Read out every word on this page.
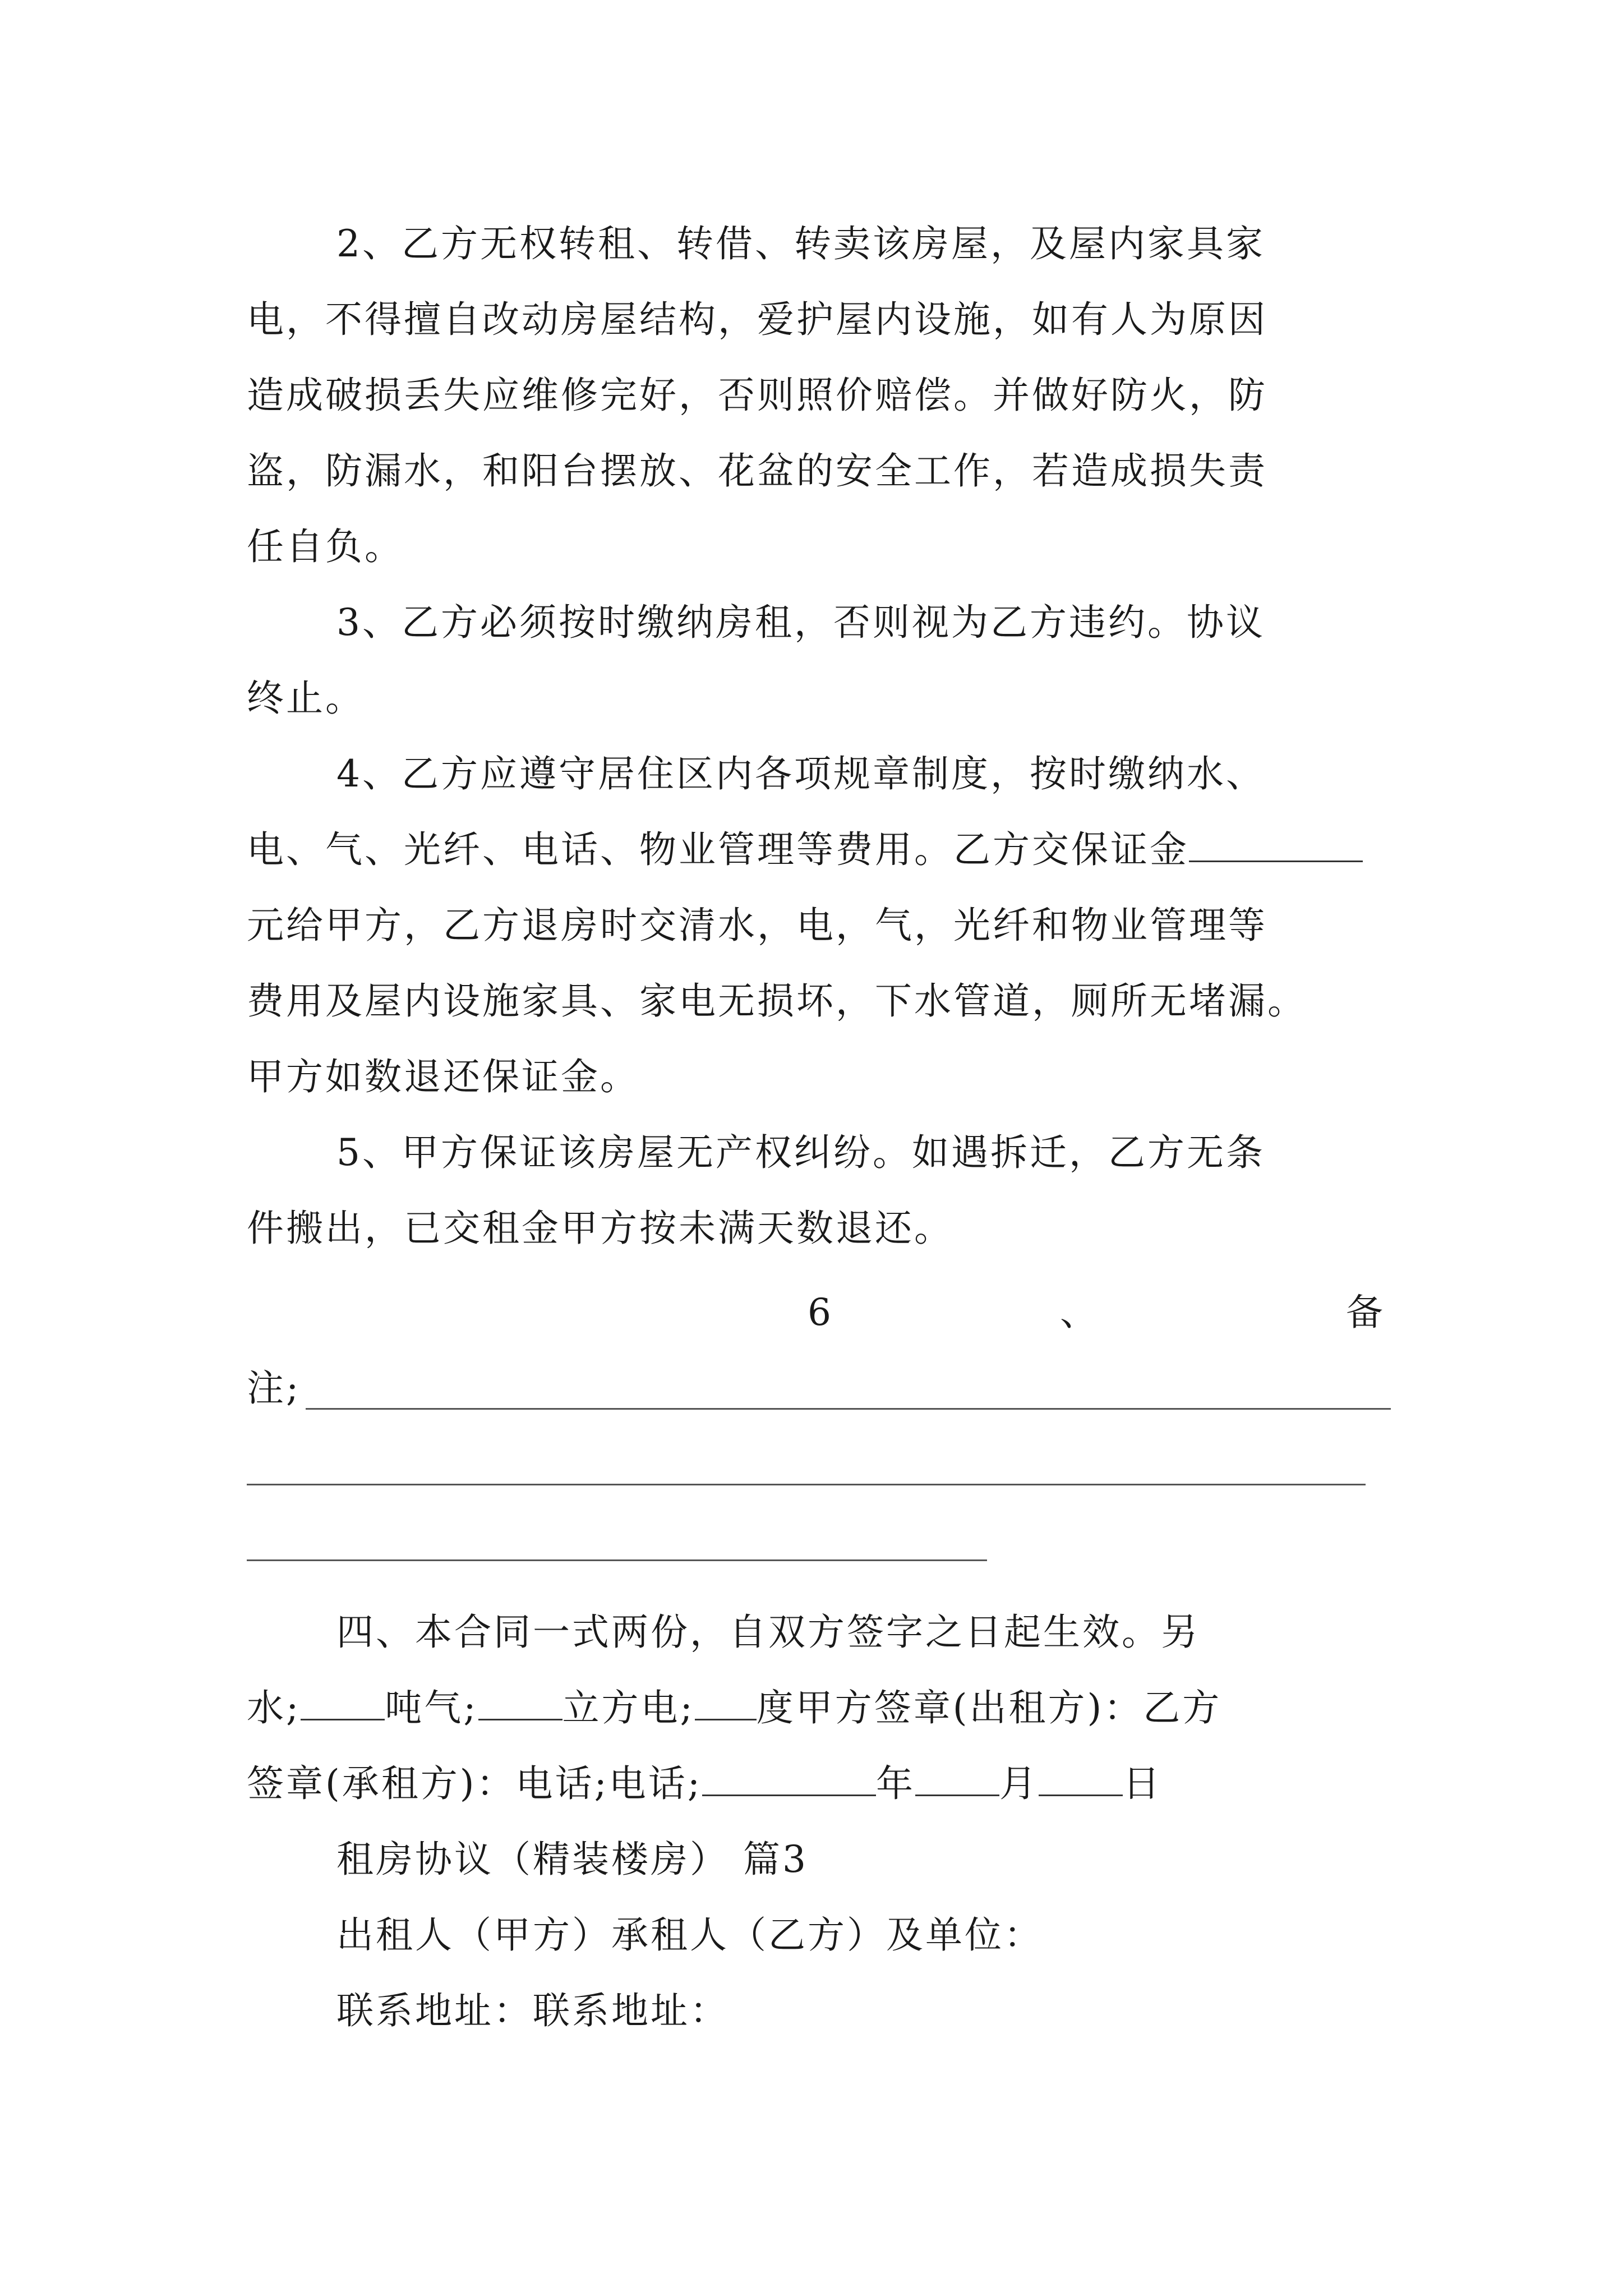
2、乙方无权转租、转借、转卖该房屋，及屋内家具家
电，不得擅自改动房屋结构，爱护屋内设施，如有人为原因
造成破损丢失应维修完好，否则照价赔偿。并做好防火，防
盗，防漏水，和阳台摆放、花盆的安全工作，若造成损失责
任自负。
3、乙方必须按时缴纳房租，否则视为乙方违约。协议
终止。
4、乙方应遵守居住区内各项规章制度，按时缴纳水、
电、气、光纤、电话、物业管理等费用。乙方交保证金
元给甲方，乙方退房时交清水，电，气，光纤和物业管理等
费用及屋内设施家具、家电无损坏，下水管道，厕所无堵漏。
甲方如数退还保证金。
5、甲方保证该房屋无产权纠纷。如遇拆迁，乙方无条
件搬出，已交租金甲方按未满天数退还。
6	、	备
注;
四、本合同一式两份，自双方签字之日起生效。另
水; 吨气; 立方电; 度甲方签章(出租方)：乙方
签章(承租方)：电话;电话;	年 月 日
租房协议（精装楼房） 篇3
出租人（甲方）承租人（乙方）及单位：
联系地址：联系地址：
